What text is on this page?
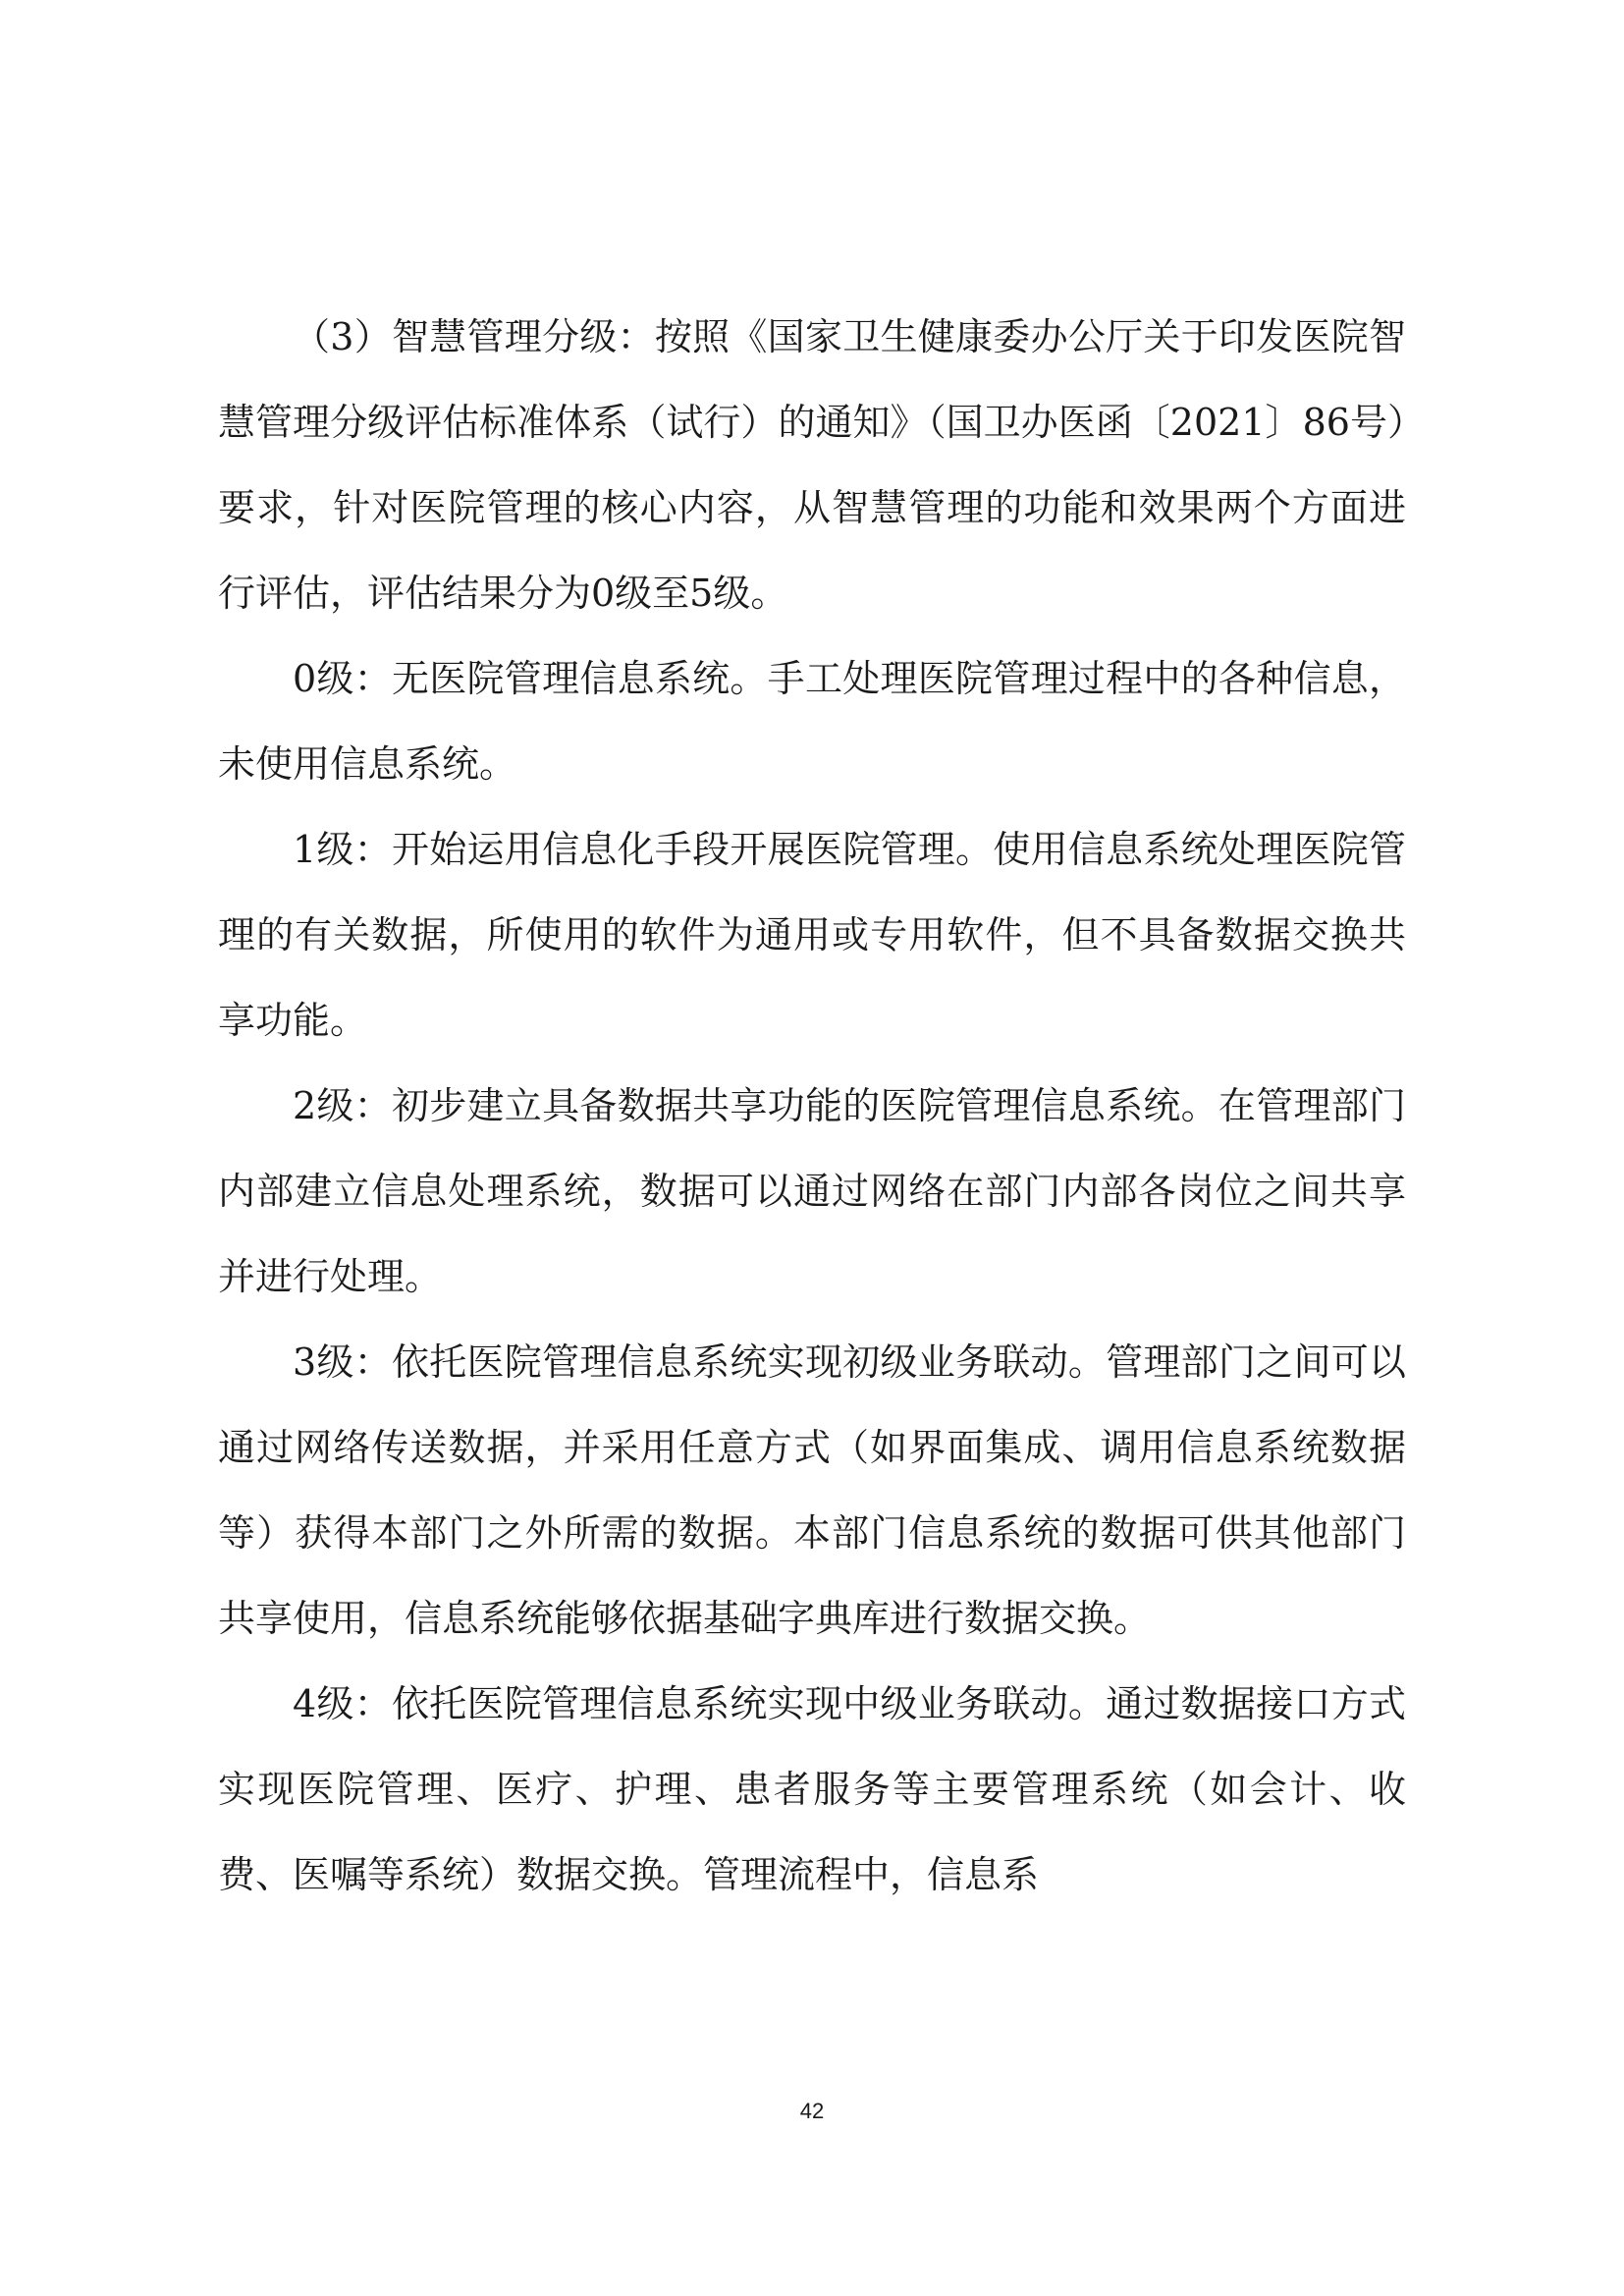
（3）智慧管理分级：按照《国家卫生健康委办公厅关于印发医院智慧管理分级评估标准体系（试行）的通知》（国卫办医函〔2021〕86号）要求，针对医院管理的核心内容，从智慧管理的功能和效果两个方面进行评估，评估结果分为0级至5级。

0级：无医院管理信息系统。手工处理医院管理过程中的各种信息，未使用信息系统。

1级：开始运用信息化手段开展医院管理。使用信息系统处理医院管理的有关数据，所使用的软件为通用或专用软件，但不具备数据交换共享功能。

2级：初步建立具备数据共享功能的医院管理信息系统。在管理部门内部建立信息处理系统，数据可以通过网络在部门内部各岗位之间共享并进行处理。

3级：依托医院管理信息系统实现初级业务联动。管理部门之间可以通过网络传送数据，并采用任意方式（如界面集成、调用信息系统数据等）获得本部门之外所需的数据。本部门信息系统的数据可供其他部门共享使用，信息系统能够依据基础字典库进行数据交换。

4级：依托医院管理信息系统实现中级业务联动。通过数据接口方式实现医院管理、医疗、护理、患者服务等主要管理系统（如会计、收费、医嘱等系统）数据交换。管理流程中，信息系

42
